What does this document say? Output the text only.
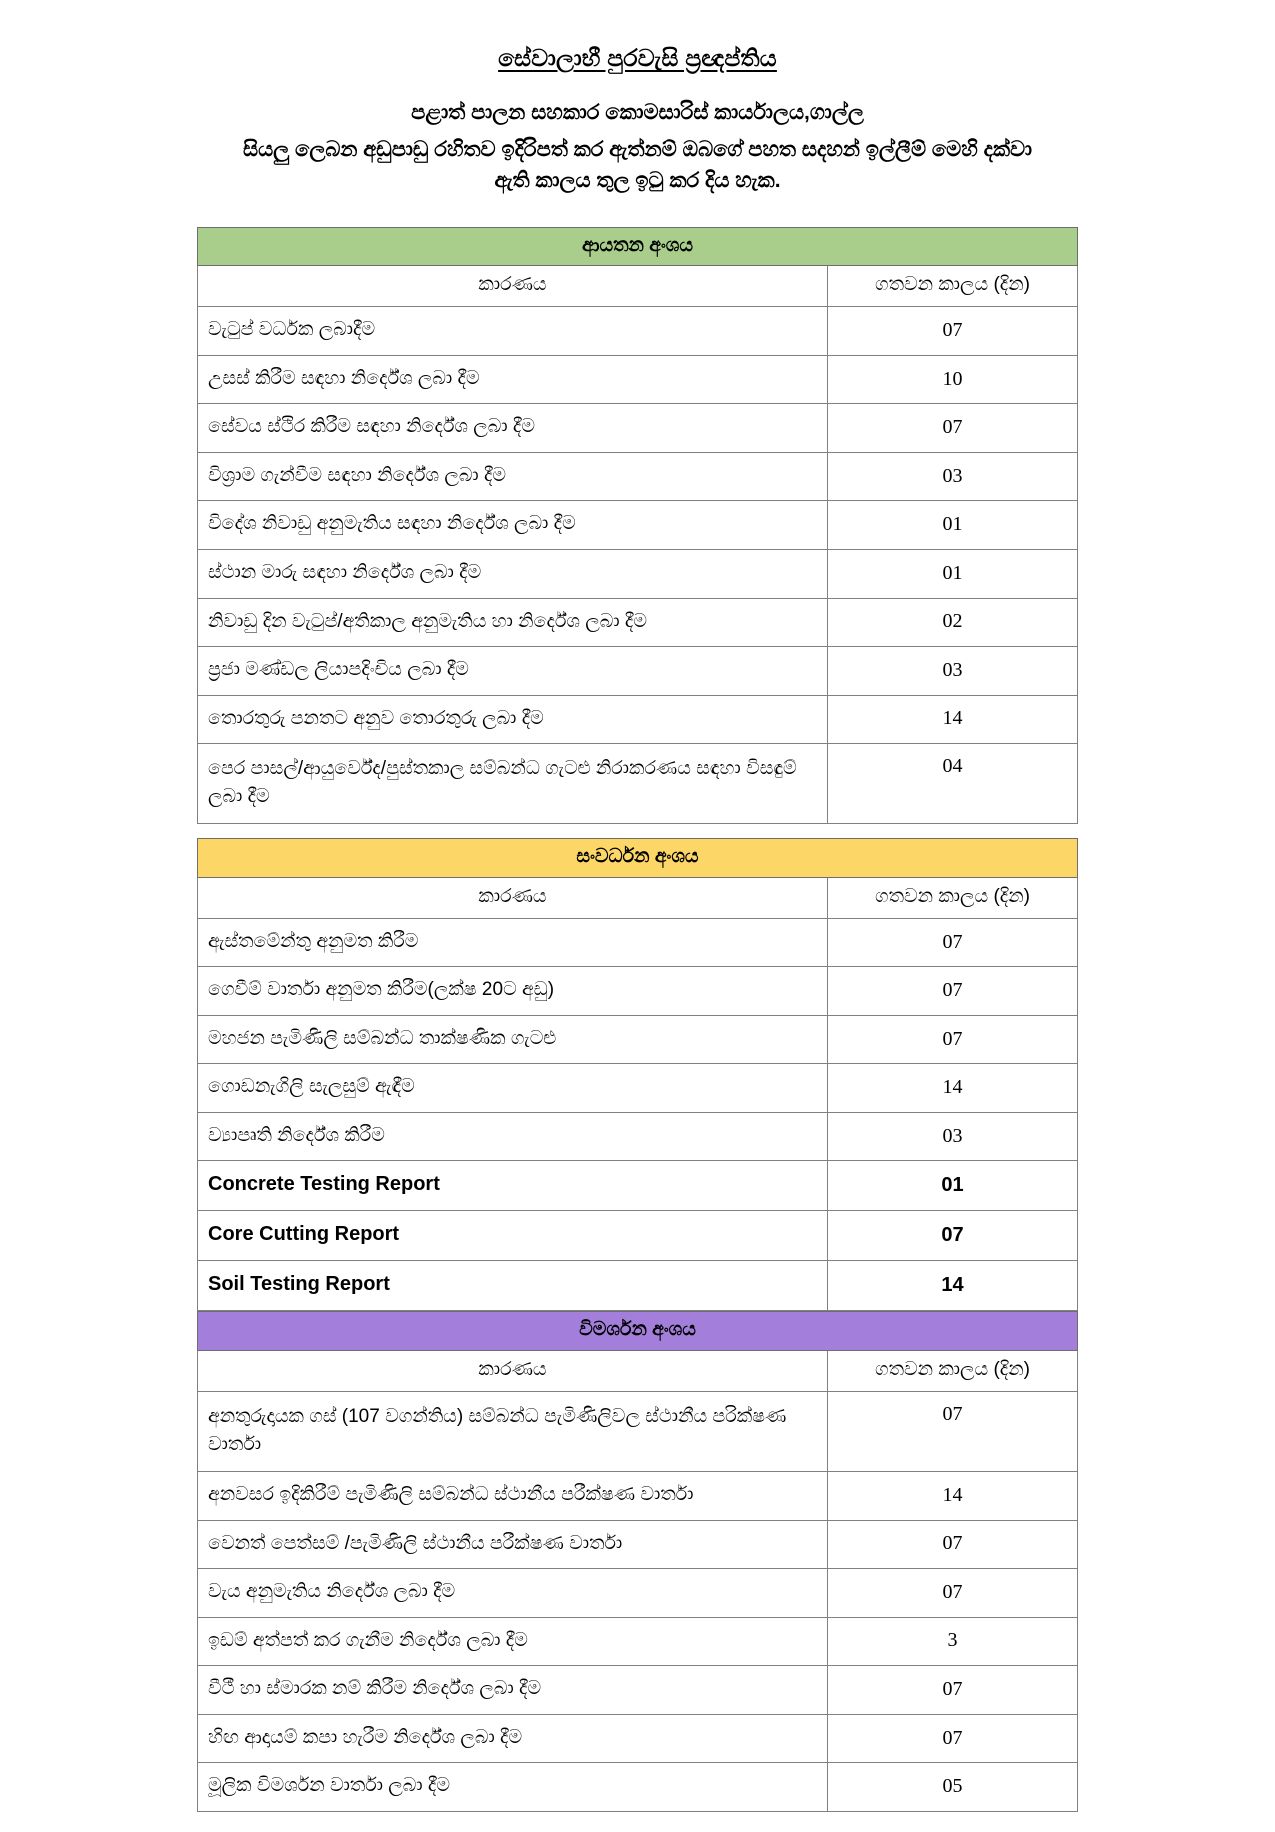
සේවාලාභී පුරවැසි ප්‍රඥප්තිය
පළාත් පාලන සහකාර කොමසාරිස් කාර්යාලය,ගාල්ල
සියලු ලෙබන අඩුපාඩු රහිතව ඉදිරිපත් කර ඇත්නම් ඔබගේ පහත සදහන් ඉල්ලීම් මෙහි දක්වා
ඇති කාලය තුල ඉටු කර දිය හැක.
ආයතන අංශය	
කාරණය	ගතවන කාලය (දින)
වැටුප් වර්ධක ලබාදීම	07
උසස් කිරීම සඳහා නිර්දේශ ලබා දීම	10
සේවය ස්ථිර කිරීම සඳහා නිර්දේශ ලබා දීම	07
විශ්‍රාම ගැන්වීම සඳහා නිර්දේශ ලබා දීම	03
විදේශ නිවාඩු අනුමැතිය සඳහා නිර්දේශ ලබා දීම	01
ස්ථාන මාරු සඳහා නිර්දේශ ලබා දීම	01
නිවාඩු දින වැටුප්/අතිකාල අනුමැතිය හා නිර්දේශ ලබා දීම	02
ප්‍රජා මණ්ඩල ලියාපදිංචිය ලබා දීම	03
තොරතුරු පනතට අනුව තොරතුරු ලබා දීම	14
පෙර පාසල්/ආයුර්වේද/පුස්තකාල සම්බන්ධ ගැටළු නිරාකරණය සඳහා විසඳුම් ලබා දීම	04
සංවර්ධන අංශය	
කාරණය	ගතවන කාලය (දින)
ඇස්තමේන්තු අනුමත කිරීම	07
ගෙවීම් වාර්තා අනුමත කිරීම(ලක්ෂ 20ට අඩු)	07
මහජන පැමිණිලි සම්බන්ධ තාක්ෂණික ගැටළු	07
ගොඩනැගිලි සැලසුම් ඇඳීම	14
ව්‍යාපෘති නිර්දේශ කිරීම	03
Concrete Testing Report	01
Core Cutting Report	07
Soil Testing Report	14
විමර්ශන අංශය	
කාරණය	ගතවන කාලය (දින)
අනතුරුදායක ගස් (107 වගන්තිය) සම්බන්ධ පැමිණිලිවල ස්ථානීය පරික්ෂණ වාර්තා	07
අනවසර ඉදිකිරීම් පැමිණිලි සම්බන්ධ ස්ථානීය පරීක්ෂණ වාර්තා	14
වෙනත් පෙත්සම් /පැමිණිලි ස්ථානීය පරීක්ෂණ වාර්තා	07
වැය අනුමැතිය නිර්දේශ ලබා දීම	07
ඉඩම් අත්පත් කර ගැනීම නිර්දේශ ලබා දීම	3
වීථී හා ස්මාරක නම් කිරීම නිර්දේශ ලබා දීම	07
හිඟ ආදායම් කපා හැරීම නිර්දේශ ලබා දීම	07
මූලික විමර්ශන වාර්තා ලබා දීම	05
